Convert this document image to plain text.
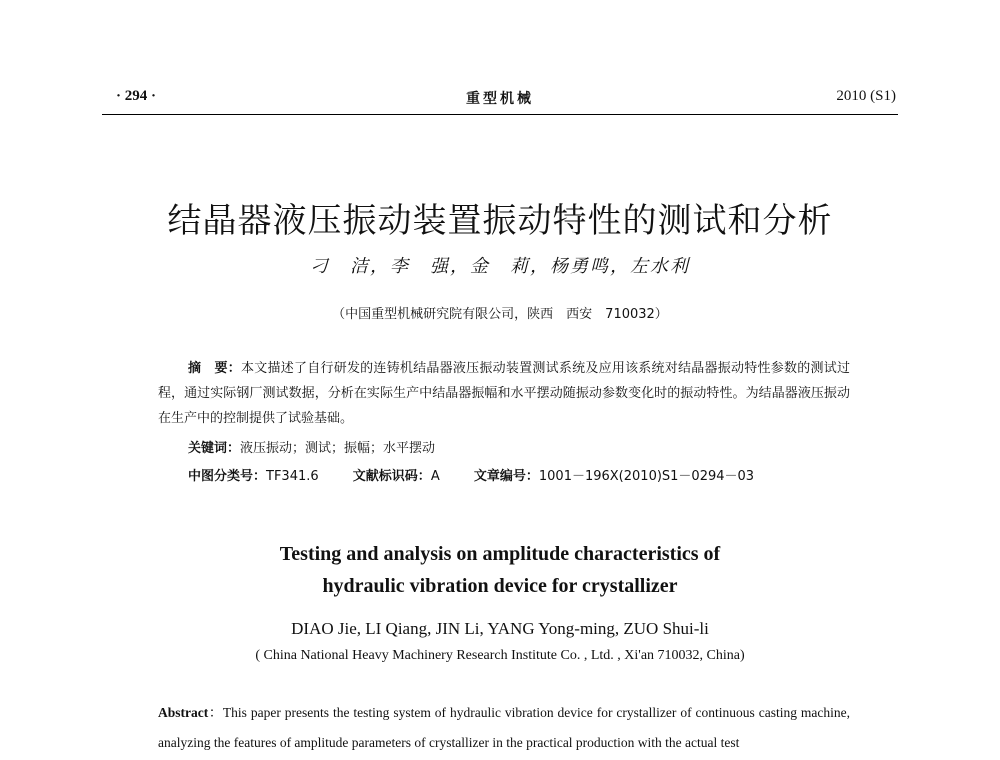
· 294 ·	重型机械	2010 (S1)
结晶器液压振动装置振动特性的测试和分析
刁　洁，李　强，金　莉，杨勇鸣，左水利
（中国重型机械研究院有限公司，陕西　西安　710032）
摘　要：本文描述了自行研发的连铸机结晶器液压振动装置测试系统及应用该系统对结晶器振动特性参数的测试过程，通过实际钢厂测试数据，分析在实际生产中结晶器振幅和水平摆动随振动参数变化时的振动特性。为结晶器液压振动在生产中的控制提供了试验基础。
关键词：液压振动；测试；振幅；水平摆动
中图分类号：TF341.6	文献标识码：A	文章编号：1001－196X(2010)S1－0294－03
Testing and analysis on amplitude characteristics of
hydraulic vibration device for crystallizer
DIAO Jie, LI Qiang, JIN Li, YANG Yong-ming, ZUO Shui-li
( China National Heavy Machinery Research Institute Co. , Ltd. , Xi'an 710032, China)
Abstract：This paper presents the testing system of hydraulic vibration device for crystallizer of continuous casting machine, analyzing the features of amplitude parameters of crystallizer in the practical production with the actual test
